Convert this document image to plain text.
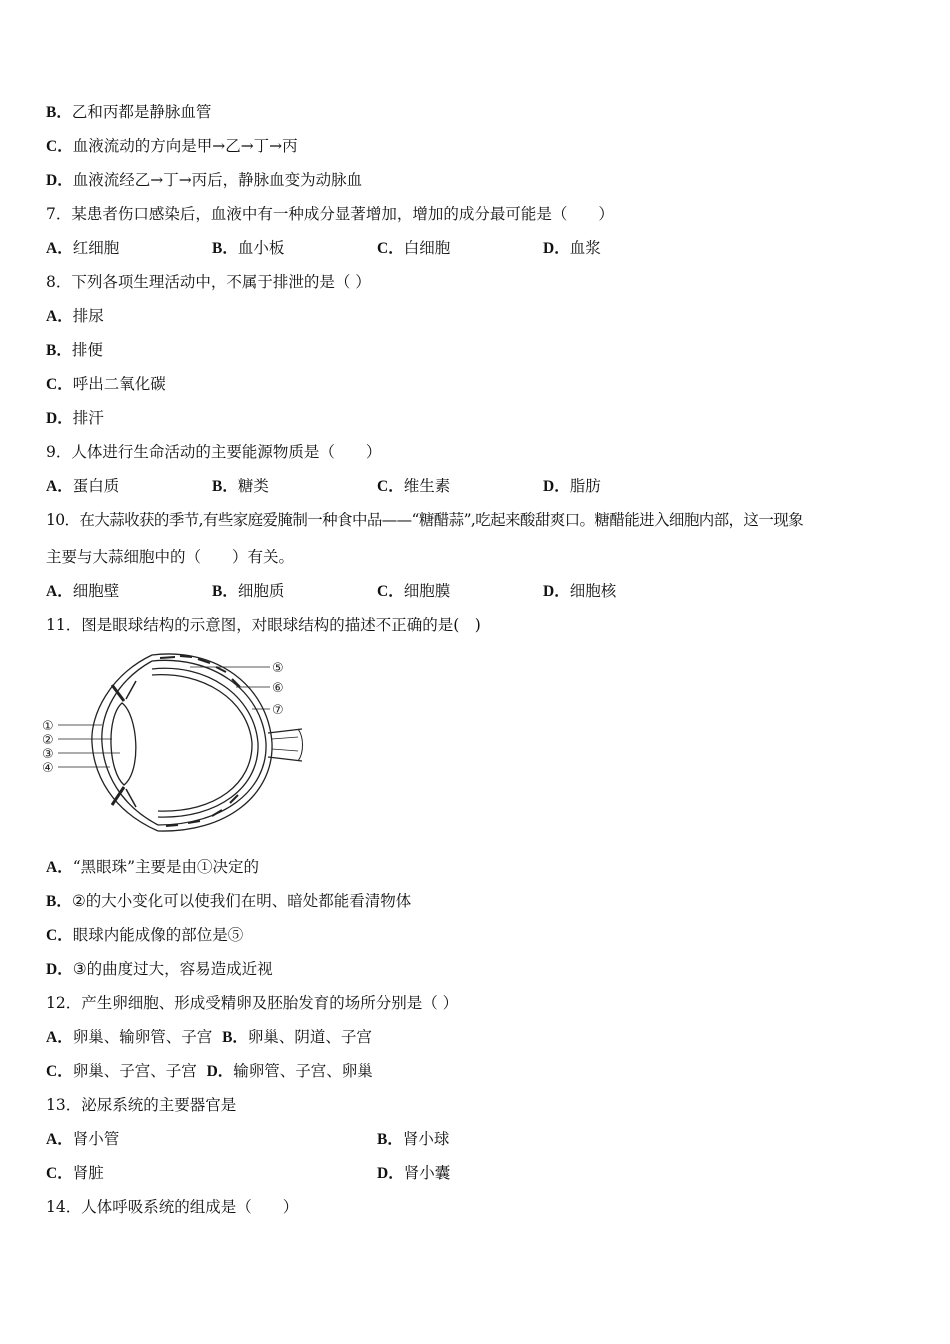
B．乙和丙都是静脉血管
C．血液流动的方向是甲→乙→丁→丙
D．血液流经乙→丁→丙后，静脉血变为动脉血
7．某患者伤口感染后，血液中有一种成分显著增加，增加的成分最可能是（　　）
A．红细胞	B．血小板	C．白细胞	D．血浆
8．下列各项生理活动中，不属于排泄的是（ ）
A．排尿
B．排便
C．呼出二氧化碳
D．排汗
9．人体进行生命活动的主要能源物质是（　　）
A．蛋白质	B．糖类	C．维生素	D．脂肪
10．在大蒜收获的季节,有些家庭爱腌制一种食中品——“糖醋蒜”,吃起来酸甜爽口。糖醋能进入细胞内部，这一现象
主要与大蒜细胞中的（　　）有关。
A．细胞壁	B．细胞质	C．细胞膜	D．细胞核
11．图是眼球结构的示意图，对眼球结构的描述不正确的是(　)
①
②
③
④
⑤
⑥
⑦
A．“黑眼珠”主要是由①决定的
B．②的大小变化可以使我们在明、暗处都能看清物体
C．眼球内能成像的部位是⑤
D．③的曲度过大，容易造成近视
12．产生卵细胞、形成受精卵及胚胎发育的场所分别是（ ）
A．卵巢、输卵管、子宫 B．卵巢、阴道、子宫
C．卵巢、子宫、子宫 D．输卵管、子宫、卵巢
13．泌尿系统的主要器官是
A．肾小管	B．肾小球
C．肾脏	D．肾小囊
14．人体呼吸系统的组成是（　　）
